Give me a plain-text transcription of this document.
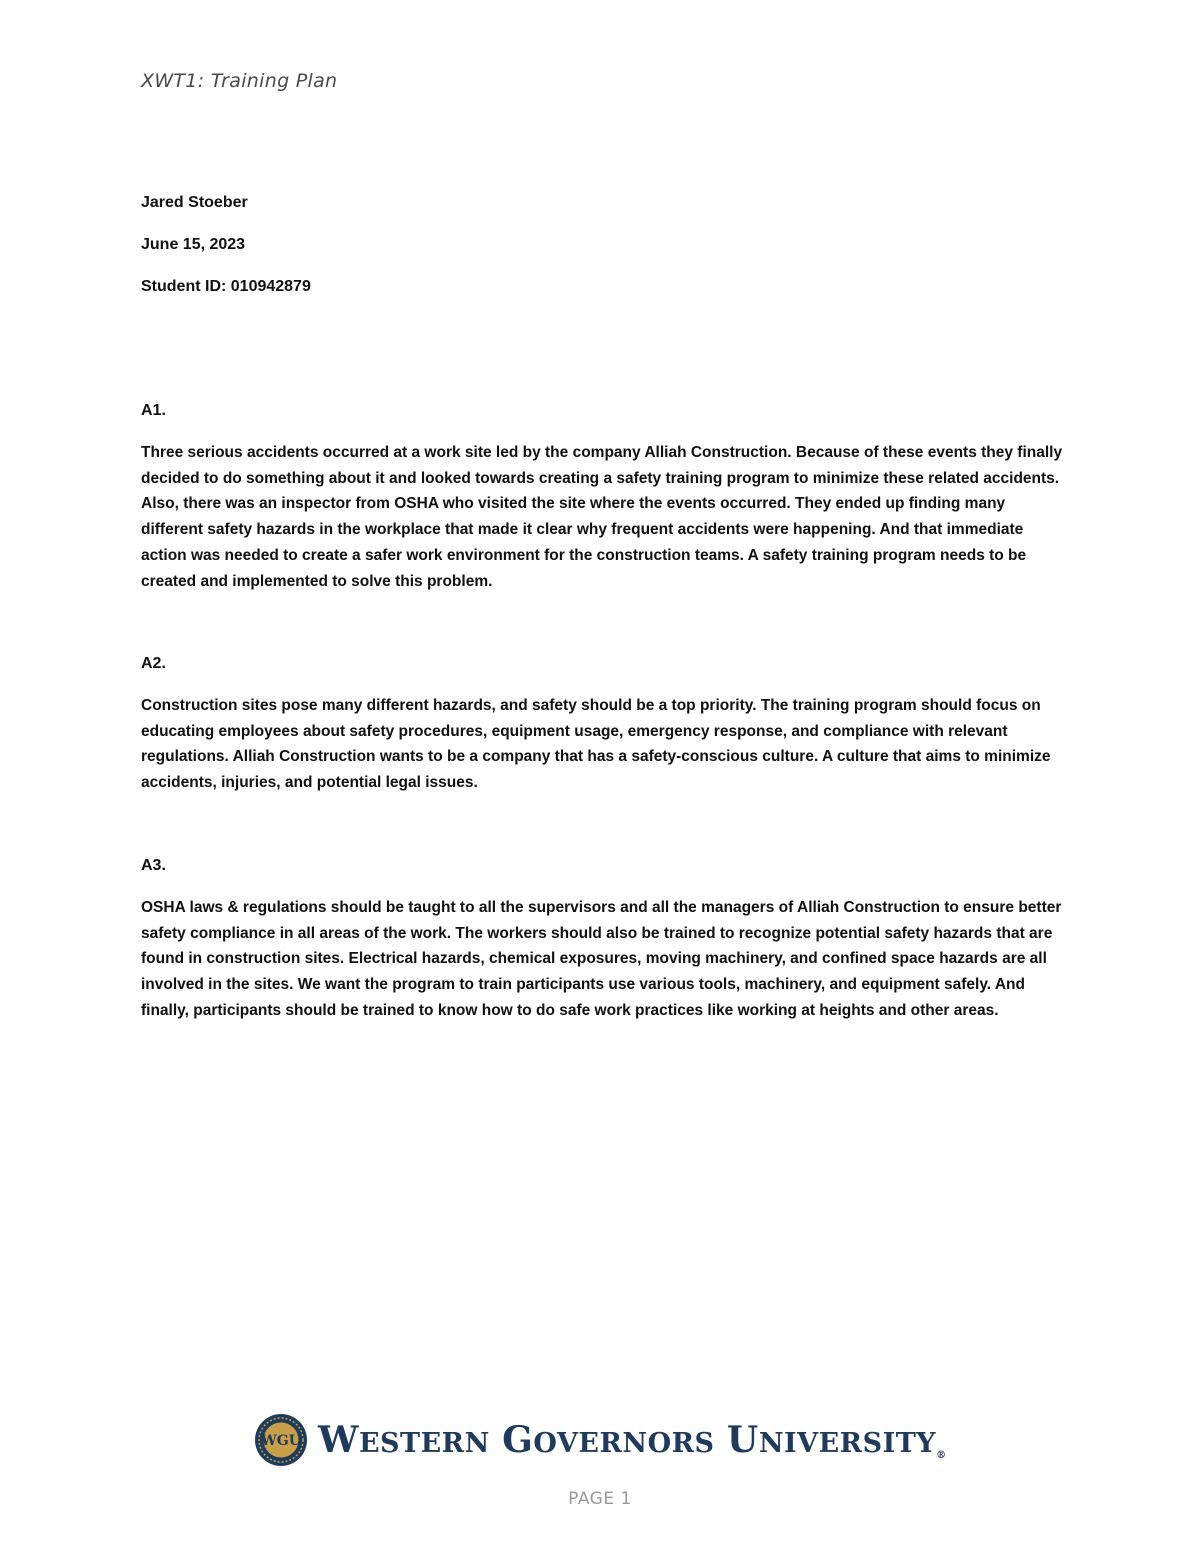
XWT1: Training Plan
Jared Stoeber
June 15, 2023
Student ID: 010942879
A1.
Three serious accidents occurred at a work site led by the company Alliah Construction. Because of these events they finally decided to do something about it and looked towards creating a safety training program to minimize these related accidents. Also, there was an inspector from OSHA who visited the site where the events occurred. They ended up finding many different safety hazards in the workplace that made it clear why frequent accidents were happening. And that immediate action was needed to create a safer work environment for the construction teams. A safety training program needs to be created and implemented to solve this problem.
A2.
Construction sites pose many different hazards, and safety should be a top priority. The training program should focus on educating employees about safety procedures, equipment usage, emergency response, and compliance with relevant regulations. Alliah Construction wants to be a company that has a safety-conscious culture. A culture that aims to minimize accidents, injuries, and potential legal issues.
A3.
OSHA laws & regulations should be taught to all the supervisors and all the managers of Alliah Construction to ensure better safety compliance in all areas of the work. The workers should also be trained to recognize potential safety hazards that are found in construction sites. Electrical hazards, chemical exposures, moving machinery, and confined space hazards are all involved in the sites. We want the program to train participants use various tools, machinery, and equipment safely. And finally, participants should be trained to know how to do safe work practices like working at heights and other areas.
WGU WESTERN GOVERNORS UNIVERSITY®
PAGE 1
